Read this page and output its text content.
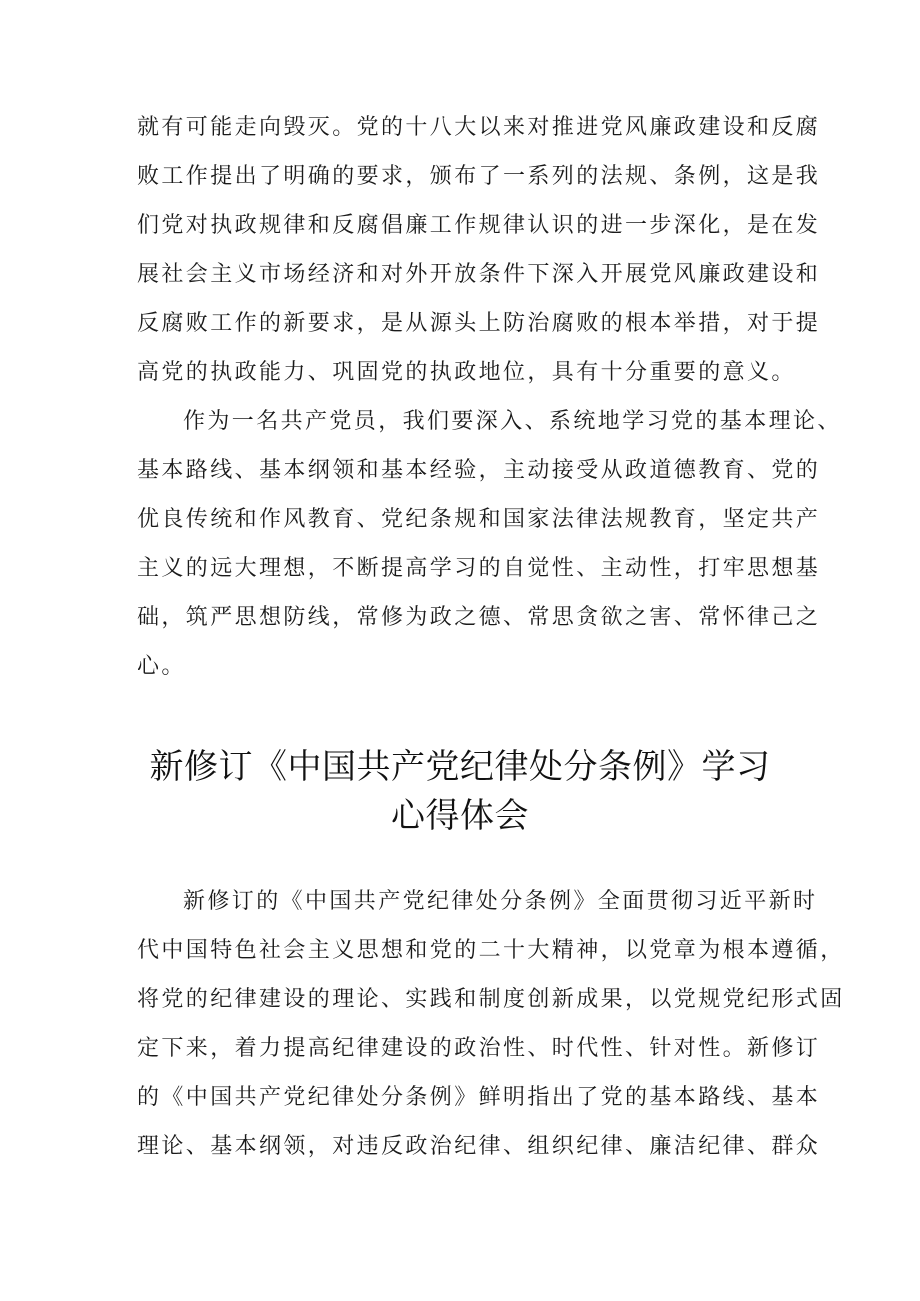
就有可能走向毁灭。党的十八大以来对推进党风廉政建设和反腐
败工作提出了明确的要求，颁布了一系列的法规、条例，这是我
们党对执政规律和反腐倡廉工作规律认识的进一步深化，是在发
展社会主义市场经济和对外开放条件下深入开展党风廉政建设和
反腐败工作的新要求，是从源头上防治腐败的根本举措，对于提
高党的执政能力、巩固党的执政地位，具有十分重要的意义。
作为一名共产党员，我们要深入、系统地学习党的基本理论、
基本路线、基本纲领和基本经验，主动接受从政道德教育、党的
优良传统和作风教育、党纪条规和国家法律法规教育，坚定共产
主义的远大理想，不断提高学习的自觉性、主动性，打牢思想基
础，筑严思想防线，常修为政之德、常思贪欲之害、常怀律己之
心。
新修订《中国共产党纪律处分条例》学习
心得体会
新修订的《中国共产党纪律处分条例》全面贯彻习近平新时
代中国特色社会主义思想和党的二十大精神，以党章为根本遵循，
将党的纪律建设的理论、实践和制度创新成果，以党规党纪形式固
定下来，着力提高纪律建设的政治性、时代性、针对性。新修订
的《中国共产党纪律处分条例》鲜明指出了党的基本路线、基本
理论、基本纲领，对违反政治纪律、组织纪律、廉洁纪律、群众
